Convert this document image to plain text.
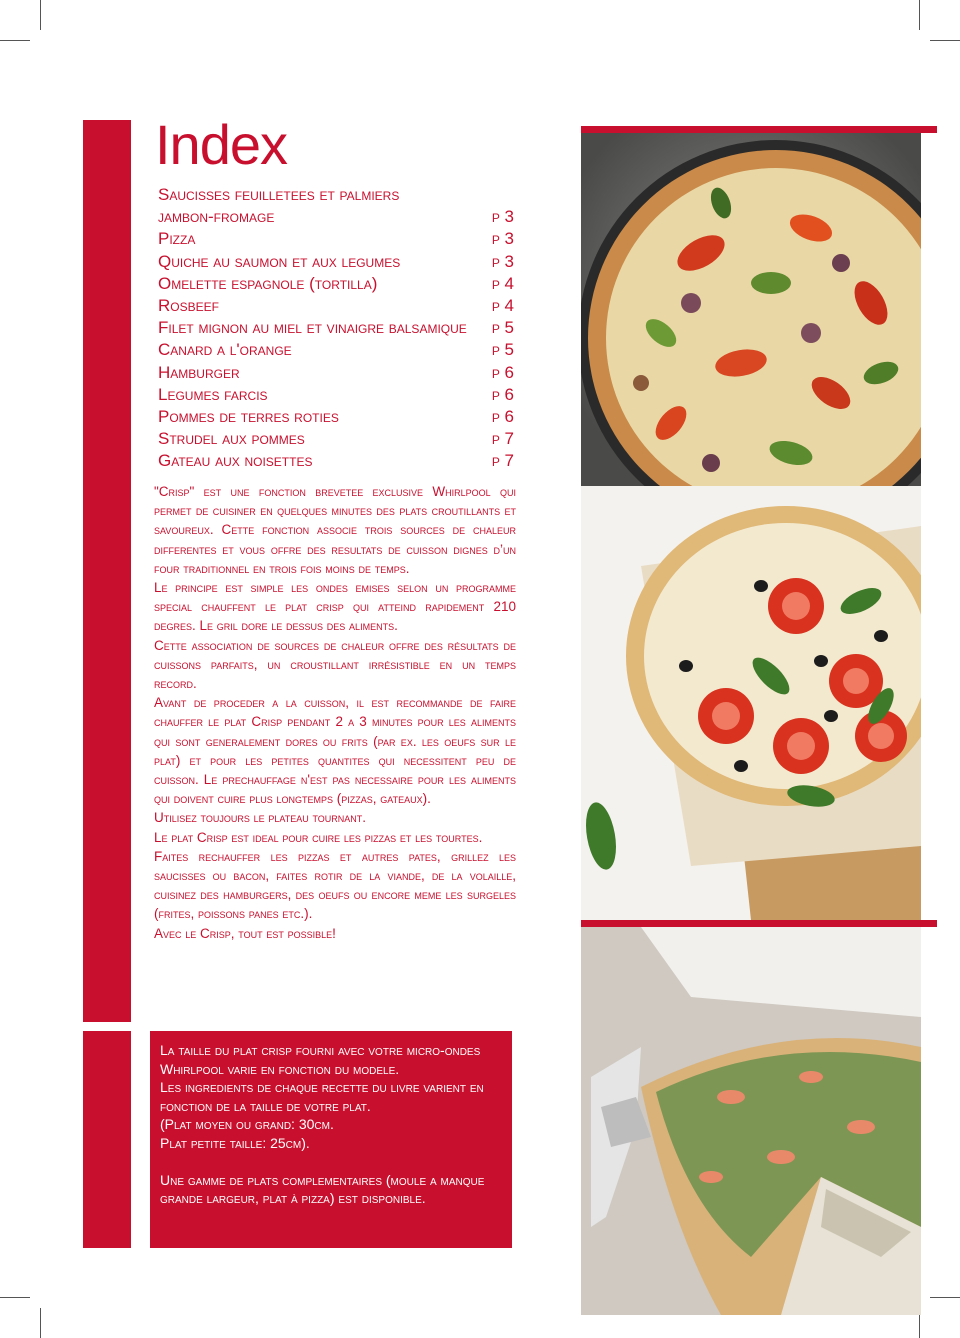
Index
Saucisses feuilletees et palmiers
jambon-fromage	p 3
Pizza	p 3
Quiche au saumon et aux legumes	p 3
Omelette espagnole (tortilla)	p 4
Rosbeef	p 4
Filet mignon au miel et vinaigre balsamique p 5
Canard a l'orange	p 5
Hamburger	p 6
Legumes farcis	p 6
Pommes de terres roties	p 6
Strudel aux pommes	p 7
Gateau aux noisettes	p 7

"Crisp" est une fonction brevetee exclusive Whirlpool qui permet de cuisiner en quelques minutes des plats croutillants et savoureux. Cette fonction associe trois sources de chaleur differentes et vous offre des resultats de cuisson dignes d’un four traditionnel en trois fois moins de temps.

Le principe est simple les ondes emises selon un programme special chauffent le plat crisp qui atteind rapidement 210 degres. Le gril dore le dessus des aliments.

Cette association de sources de chaleur offre des résultats de cuissons parfaits, un croustillant irrésistible en un temps record.

Avant de proceder a la cuisson, il est recommande de faire chauffer le plat Crisp pendant 2 a 3 minutes pour les aliments qui sont generalement dores ou frits (par ex. les oeufs sur le plat) et pour les petites quantites qui necessitent peu de cuisson. Le prechauffage n'est pas necessaire pour les aliments qui doivent cuire plus longtemps (pizzas, gateaux).

Utilisez toujours le plateau tournant.

Le plat Crisp est ideal pour cuire les pizzas et les tourtes.

Faites rechauffer les pizzas et autres pates, grillez les saucisses ou bacon, faites rotir de la viande, de la volaille, cuisinez des hamburgers, des oeufs ou encore meme les surgeles (frites, poissons panes etc.).

Avec le Crisp, tout est possible!

La taille du plat crisp fourni avec votre micro-ondes Whirlpool varie en fonction du modele.

Les ingredients de chaque recette du livre varient en fonction de la taille de votre plat.

(Plat moyen ou grand: 30cm.

Plat petite taille: 25cm).

Une gamme de plats complementaires (moule a manque grande largeur, plat à pizza) est disponible.
